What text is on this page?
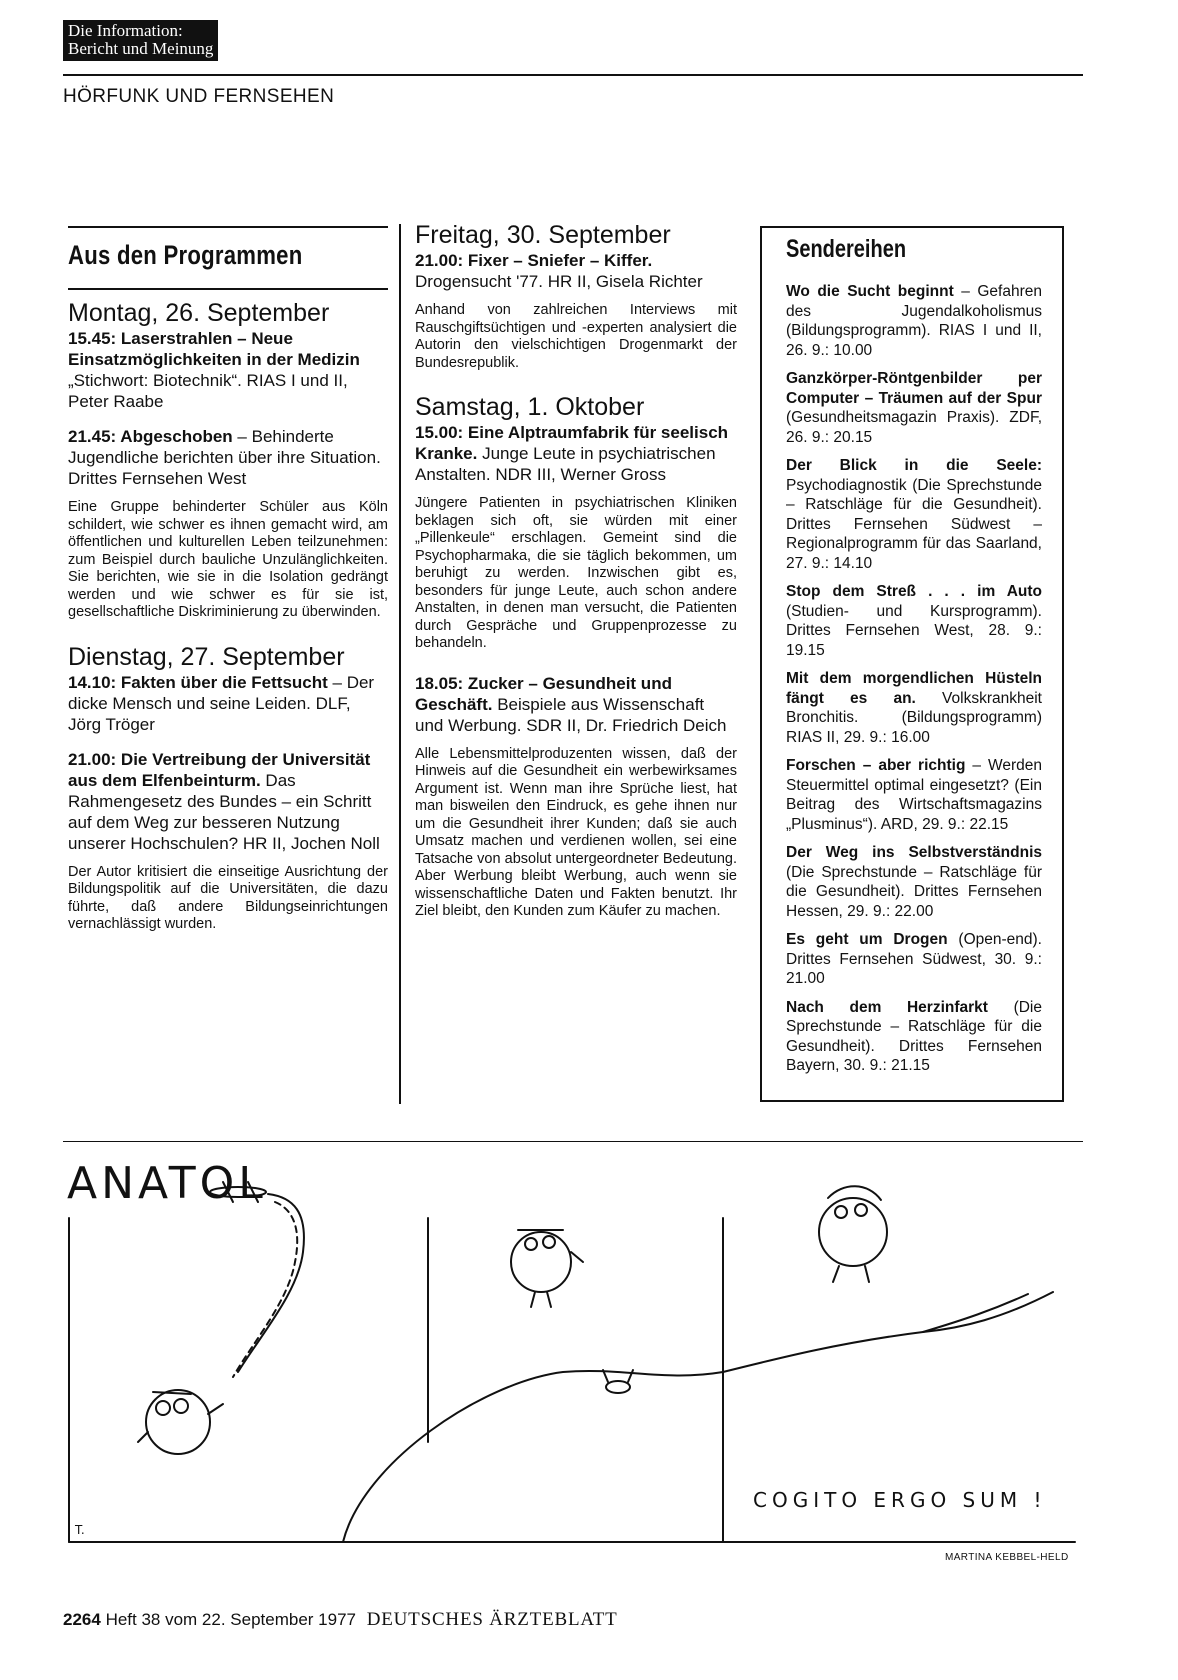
Die Information:
Bericht und Meinung
HÖRFUNK UND FERNSEHEN
Aus den Programmen

Montag, 26. September

15.45: Laserstrahlen – Neue Einsatzmöglichkeiten in der Medizin „Stichwort: Biotechnik“. RIAS I und II, Peter Raabe

21.45: Abgeschoben – Behinderte Jugendliche berichten über ihre Situation. Drittes Fernsehen West

Eine Gruppe behinderter Schüler aus Köln schildert, wie schwer es ihnen gemacht wird, am öffentlichen und kulturellen Leben teilzunehmen: zum Beispiel durch bauliche Unzulänglichkeiten. Sie berichten, wie sie in die Isolation gedrängt werden und wie schwer es für sie ist, gesellschaftliche Diskriminierung zu überwinden.

Dienstag, 27. September

14.10: Fakten über die Fettsucht – Der dicke Mensch und seine Leiden. DLF, Jörg Tröger

21.00: Die Vertreibung der Universität aus dem Elfenbeinturm. Das Rahmengesetz des Bundes – ein Schritt auf dem Weg zur besseren Nutzung unserer Hochschulen? HR II, Jochen Noll

Der Autor kritisiert die einseitige Ausrichtung der Bildungspolitik auf die Universitäten, die dazu führte, daß andere Bildungseinrichtungen vernachlässigt wurden.

Freitag, 30. September

21.00: Fixer – Sniefer – Kiffer. Drogensucht '77. HR II, Gisela Richter

Anhand von zahlreichen Interviews mit Rauschgiftsüchtigen und -experten analysiert die Autorin den vielschichtigen Drogenmarkt der Bundesrepublik.

Samstag, 1. Oktober

15.00: Eine Alptraumfabrik für seelisch Kranke. Junge Leute in psychiatrischen Anstalten. NDR III, Werner Gross

Jüngere Patienten in psychiatrischen Kliniken beklagen sich oft, sie würden mit einer „Pillenkeule“ erschlagen. Gemeint sind die Psychopharmaka, die sie täglich bekommen, um beruhigt zu werden. Inzwischen gibt es, besonders für junge Leute, auch schon andere Anstalten, in denen man versucht, die Patienten durch Gespräche und Gruppenprozesse zu behandeln.

18.05: Zucker – Gesundheit und Geschäft. Beispiele aus Wissenschaft und Werbung. SDR II, Dr. Friedrich Deich

Alle Lebensmittelproduzenten wissen, daß der Hinweis auf die Gesundheit ein werbewirksames Argument ist. Wenn man ihre Sprüche liest, hat man bisweilen den Eindruck, es gehe ihnen nur um die Gesundheit ihrer Kunden; daß sie auch Umsatz machen und verdienen wollen, sei eine Tatsache von absolut untergeordneter Bedeutung. Aber Werbung bleibt Werbung, auch wenn sie wissenschaftliche Daten und Fakten benutzt. Ihr Ziel bleibt, den Kunden zum Käufer zu machen.

Sendereihen

Wo die Sucht beginnt – Gefahren des Jugendalkoholismus (Bildungsprogramm). RIAS I und II, 26. 9.: 10.00

Ganzkörper-Röntgenbilder per Computer – Träumen auf der Spur (Gesundheitsmagazin Praxis). ZDF, 26. 9.: 20.15

Der Blick in die Seele: Psychodiagnostik (Die Sprechstunde – Ratschläge für die Gesundheit). Drittes Fernsehen Südwest – Regionalprogramm für das Saarland, 27. 9.: 14.10

Stop dem Streß . . . im Auto (Studien- und Kursprogramm). Drittes Fernsehen West, 28. 9.: 19.15

Mit dem morgendlichen Hüsteln fängt es an. Volkskrankheit Bronchitis. (Bildungsprogramm) RIAS II, 29. 9.: 16.00

Forschen – aber richtig – Werden Steuermittel optimal eingesetzt? (Ein Beitrag des Wirtschaftsmagazins „Plusminus“). ARD, 29. 9.: 22.15

Der Weg ins Selbstverständnis (Die Sprechstunde – Ratschläge für die Gesundheit). Drittes Fernsehen Hessen, 29. 9.: 22.00

Es geht um Drogen (Open-end). Drittes Fernsehen Südwest, 30. 9.: 21.00

Nach dem Herzinfarkt (Die Sprechstunde – Ratschläge für die Gesundheit). Drittes Fernsehen Bayern, 30. 9.: 21.15

ANATOL
COGITO ERGO SUM !
T.
MARTINA KEBBEL-HELD
2264 Heft 38 vom 22. September 1977 DEUTSCHES ÄRZTEBLATT
